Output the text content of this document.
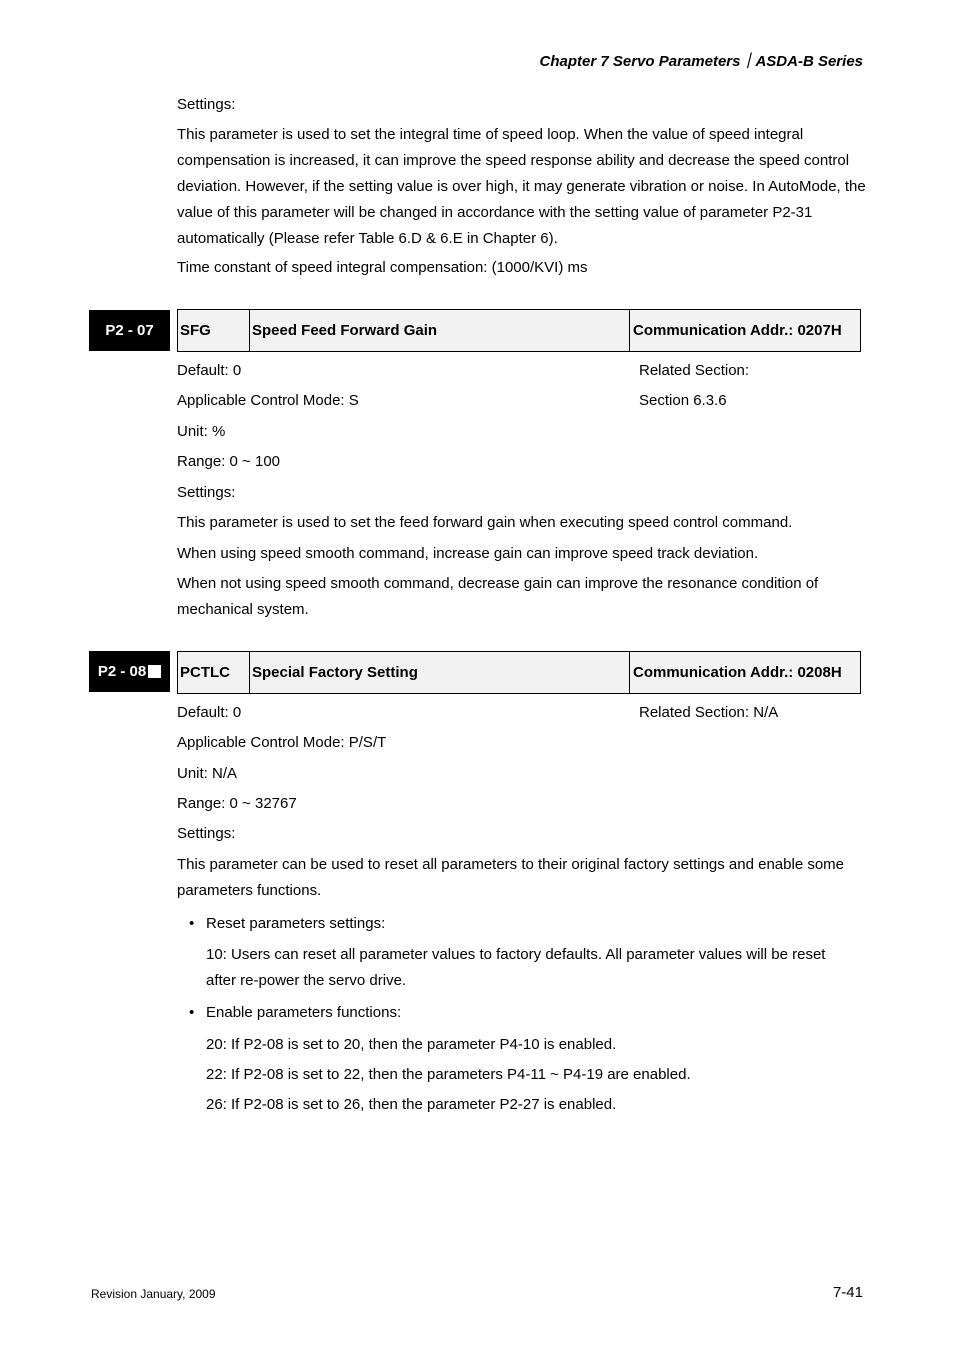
Chapter 7 Servo Parameters｜ASDA-B Series
Settings:
This parameter is used to set the integral time of speed loop. When the value of speed integral compensation is increased, it can improve the speed response ability and decrease the speed control deviation. However, if the setting value is over high, it may generate vibration or noise. In AutoMode, the value of this parameter will be changed in accordance with the setting value of parameter P2-31 automatically (Please refer Table 6.D & 6.E in Chapter 6).
Time constant of speed integral compensation: (1000/KVI) ms
P2 - 07 SFG	Speed Feed Forward Gain	Communication Addr.: 0207H
Default: 0	Related Section:
Applicable Control Mode: S	Section 6.3.6
Unit: %
Range: 0 ~ 100
Settings:
This parameter is used to set the feed forward gain when executing speed control command.
When using speed smooth command, increase gain can improve speed track deviation.
When not using speed smooth command, decrease gain can improve the resonance condition of mechanical system.
P2 - 08 PCTLC	Special Factory Setting	Communication Addr.: 0208H
Default: 0	Related Section: N/A
Applicable Control Mode: P/S/T
Unit: N/A
Range: 0 ~ 32767
Settings:
This parameter can be used to reset all parameters to their original factory settings and enable some parameters functions.
• Reset parameters settings:
10: Users can reset all parameter values to factory defaults. All parameter values will be reset after re-power the servo drive.
• Enable parameters functions:
20: If P2-08 is set to 20, then the parameter P4-10 is enabled.
22: If P2-08 is set to 22, then the parameters P4-11 ~ P4-19 are enabled.
26: If P2-08 is set to 26, then the parameter P2-27 is enabled.
Revision January, 2009	7-41
